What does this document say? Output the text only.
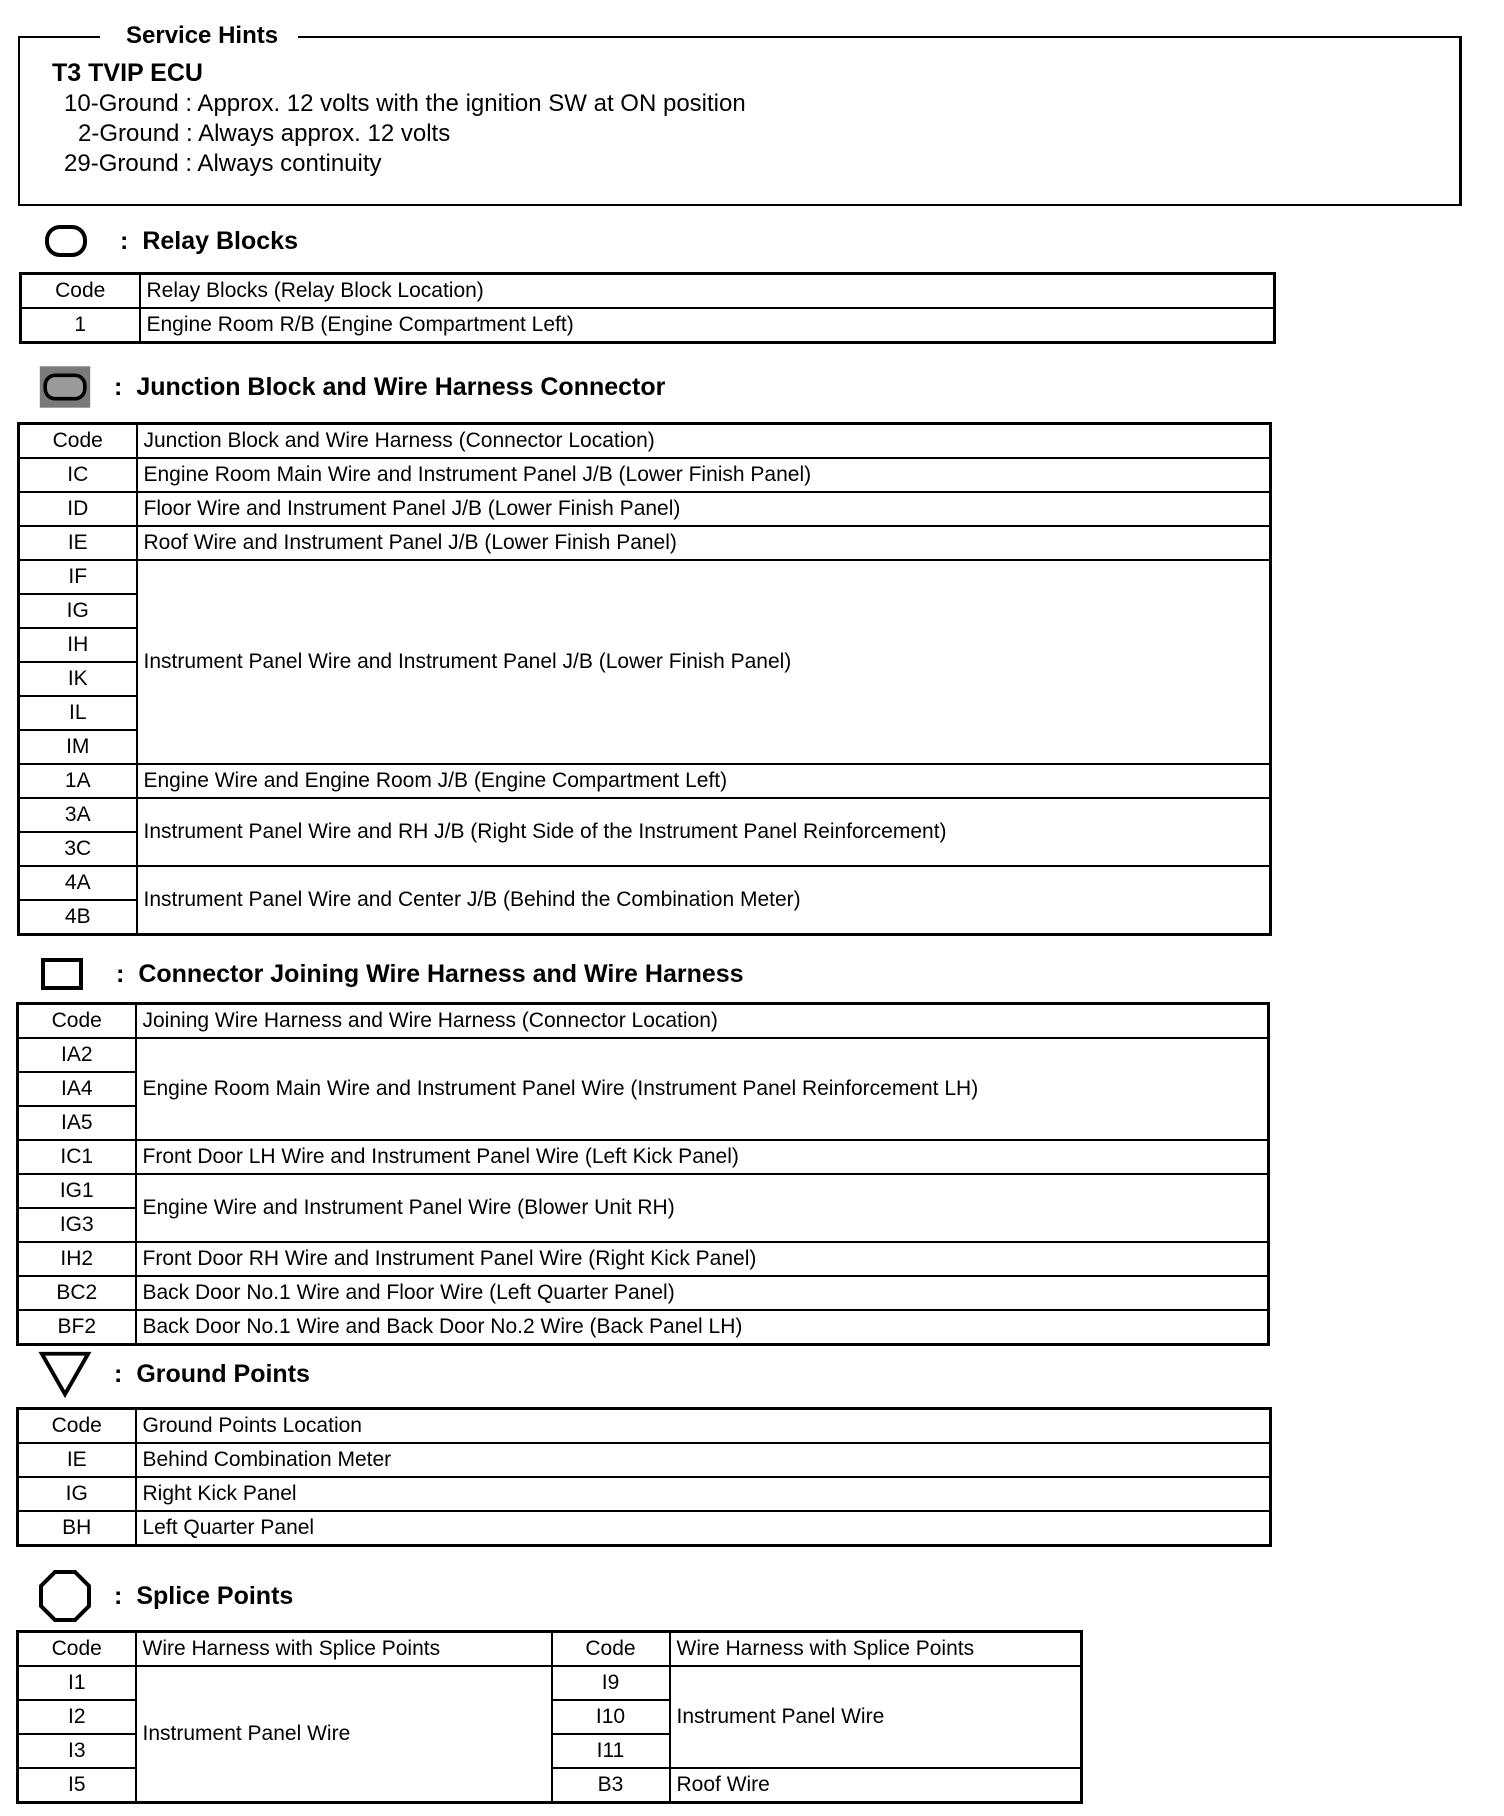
Service Hints
T3 TVIP ECU
10-Ground : Approx. 12 volts with the ignition SW at ON position
2-Ground : Always approx. 12 volts
29-Ground : Always continuity
: Relay Blocks
Code	Relay Blocks (Relay Block Location)
1	Engine Room R/B (Engine Compartment Left)
: Junction Block and Wire Harness Connector
Code	Junction Block and Wire Harness (Connector Location)
IC	Engine Room Main Wire and Instrument Panel J/B (Lower Finish Panel)
ID	Floor Wire and Instrument Panel J/B (Lower Finish Panel)
IE	Roof Wire and Instrument Panel J/B (Lower Finish Panel)
IF	Instrument Panel Wire and Instrument Panel J/B (Lower Finish Panel)
IG	
IH	
IK	
IL	
IM	
1A	Engine Wire and Engine Room J/B (Engine Compartment Left)
3A	Instrument Panel Wire and RH J/B (Right Side of the Instrument Panel Reinforcement)
3C	
4A	Instrument Panel Wire and Center J/B (Behind the Combination Meter)
4B	
: Connector Joining Wire Harness and Wire Harness
Code	Joining Wire Harness and Wire Harness (Connector Location)
IA2	Engine Room Main Wire and Instrument Panel Wire (Instrument Panel Reinforcement LH)
IA4	
IA5	
IC1	Front Door LH Wire and Instrument Panel Wire (Left Kick Panel)
IG1	Engine Wire and Instrument Panel Wire (Blower Unit RH)
IG3	
IH2	Front Door RH Wire and Instrument Panel Wire (Right Kick Panel)
BC2	Back Door No.1 Wire and Floor Wire (Left Quarter Panel)
BF2	Back Door No.1 Wire and Back Door No.2 Wire (Back Panel LH)
: Ground Points
Code	Ground Points Location
IE	Behind Combination Meter
IG	Right Kick Panel
BH	Left Quarter Panel
: Splice Points
Code	Wire Harness with Splice Points	Code	Wire Harness with Splice Points
I1	Instrument Panel Wire	I9	Instrument Panel Wire
I2		I10	
I3		I11	
I5		B3	Roof Wire
